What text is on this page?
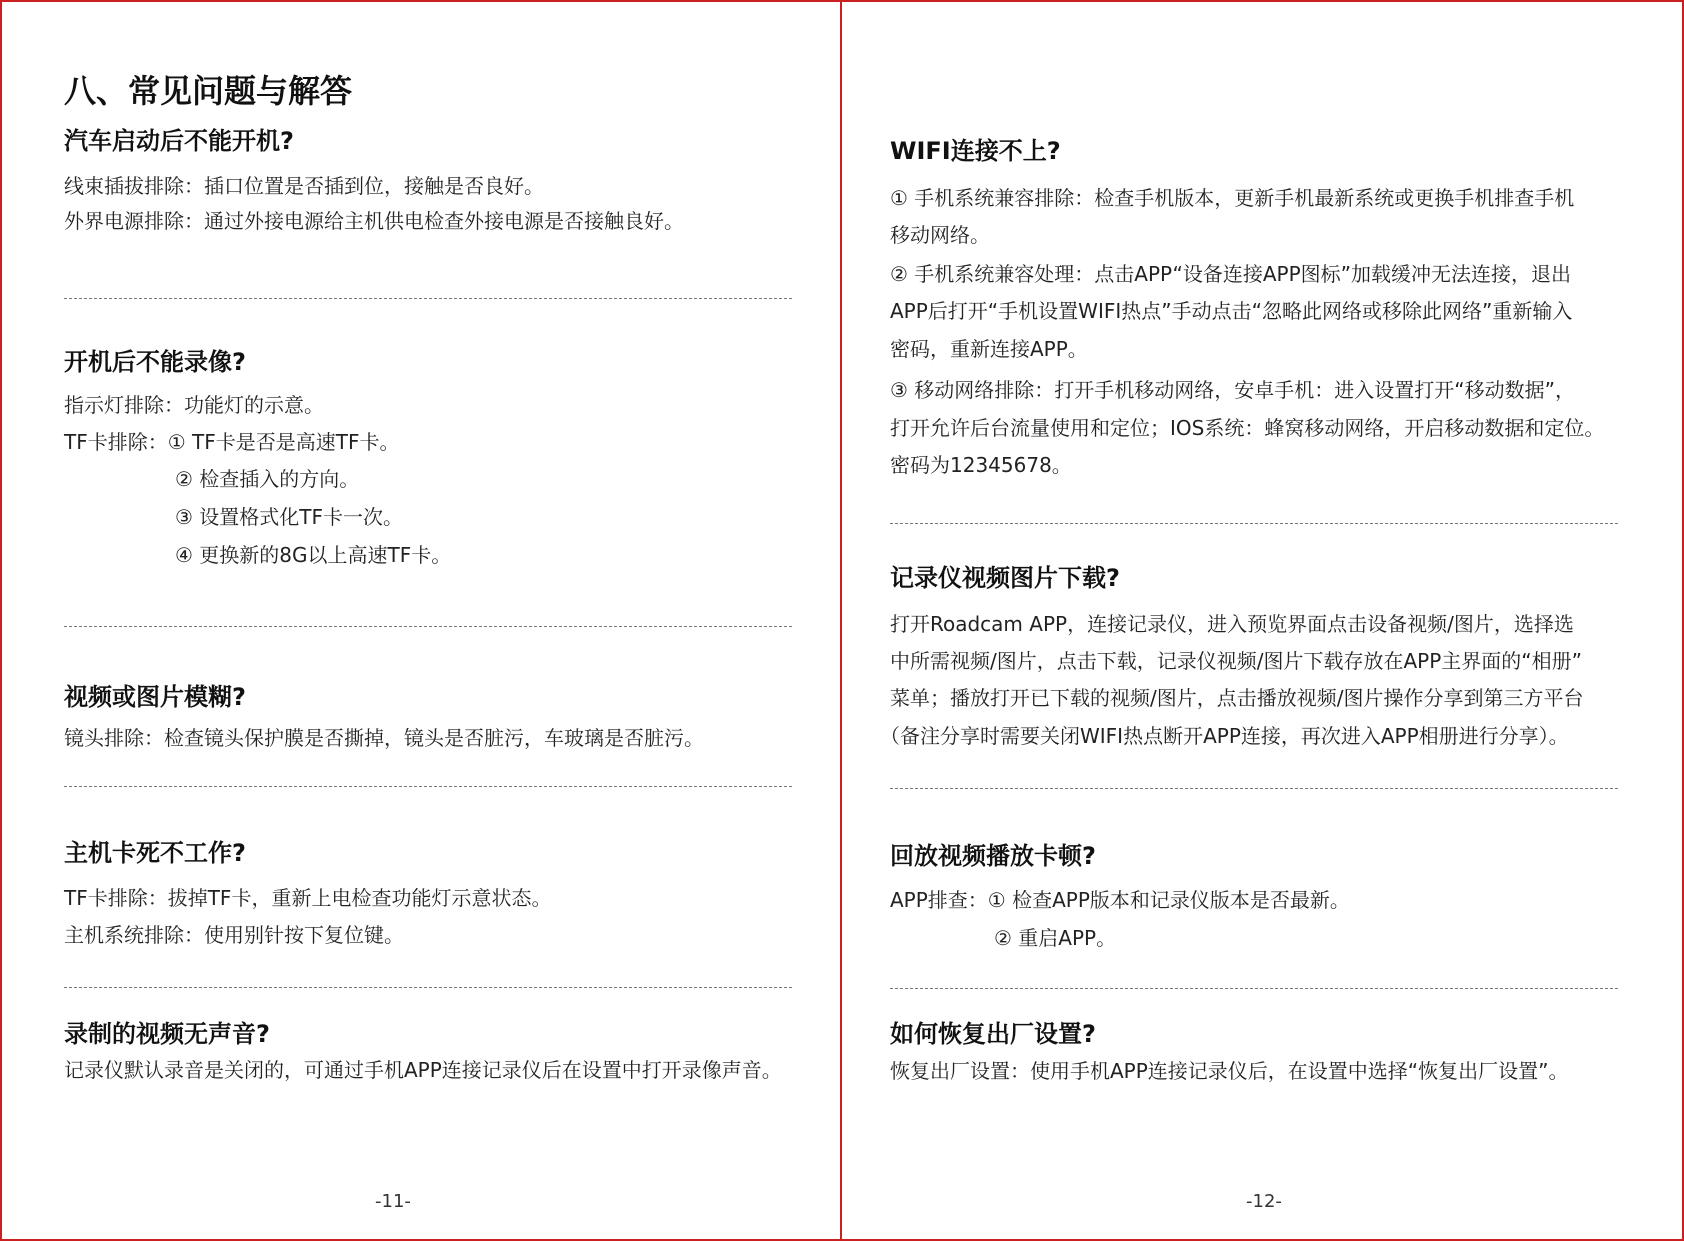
八、常见问题与解答
汽车启动后不能开机?
线束插拔排除：插口位置是否插到位，接触是否良好。
外界电源排除：通过外接电源给主机供电检查外接电源是否接触良好。
开机后不能录像?
指示灯排除：功能灯的示意。
TF卡排除：① TF卡是否是高速TF卡。
② 检查插入的方向。
③ 设置格式化TF卡一次。
④ 更换新的8G以上高速TF卡。
视频或图片模糊?
镜头排除：检查镜头保护膜是否撕掉，镜头是否脏污，车玻璃是否脏污。
主机卡死不工作?
TF卡排除：拔掉TF卡，重新上电检查功能灯示意状态。
主机系统排除：使用别针按下复位键。
录制的视频无声音?
记录仪默认录音是关闭的，可通过手机APP连接记录仪后在设置中打开录像声音。
-11-
WIFI连接不上?
① 手机系统兼容排除：检查手机版本，更新手机最新系统或更换手机排查手机
移动网络。
② 手机系统兼容处理：点击APP“设备连接APP图标”加载缓冲无法连接，退出
APP后打开“手机设置WIFI热点”手动点击“忽略此网络或移除此网络”重新输入
密码，重新连接APP。
③ 移动网络排除：打开手机移动网络，安卓手机：进入设置打开“移动数据”，
打开允许后台流量使用和定位；IOS系统：蜂窝移动网络，开启移动数据和定位。
密码为12345678。
记录仪视频图片下载?
打开Roadcam APP，连接记录仪，进入预览界面点击设备视频/图片，选择选
中所需视频/图片，点击下载，记录仪视频/图片下载存放在APP主界面的“相册”
菜单；播放打开已下载的视频/图片，点击播放视频/图片操作分享到第三方平台
（备注分享时需要关闭WIFI热点断开APP连接，再次进入APP相册进行分享）。
回放视频播放卡顿?
APP排查：① 检查APP版本和记录仪版本是否最新。
② 重启APP。
如何恢复出厂设置?
恢复出厂设置：使用手机APP连接记录仪后，在设置中选择“恢复出厂设置”。
-12-
